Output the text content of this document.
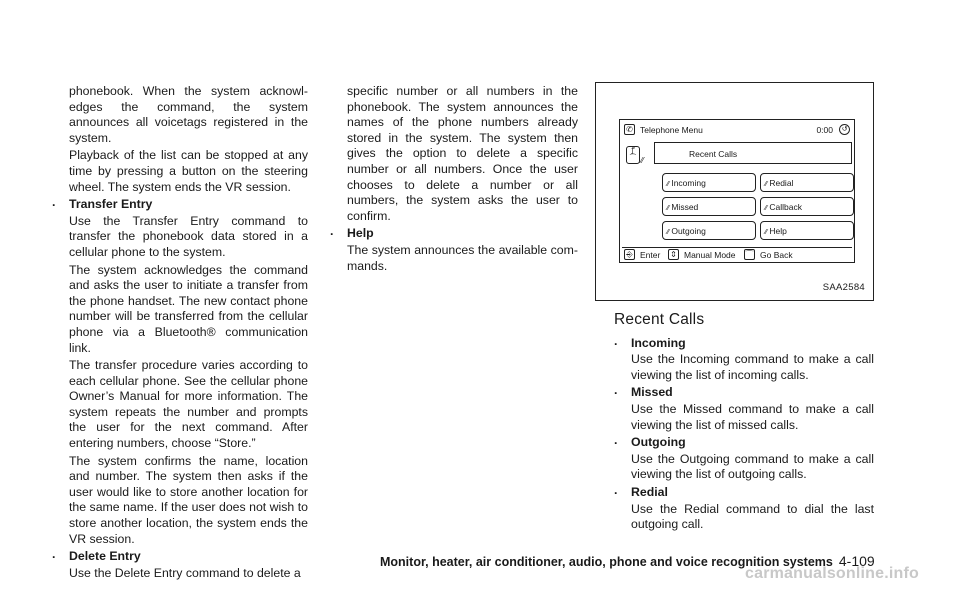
phonebook. When the system acknowl-edges the command, the system announces all voicetags registered in the system.

Playback of the list can be stopped at any time by pressing a button on the steering wheel. The system ends the VR session.

. Transfer Entry

Use the Transfer Entry command to transfer the phonebook data stored in a cellular phone to the system.

The system acknowledges the command and asks the user to initiate a transfer from the phone handset. The new contact phone number will be transferred from the cellular phone via a Bluetooth® communication link.

The transfer procedure varies according to each cellular phone. See the cellular phone Owner’s Manual for more information. The system repeats the number and prompts the user for the next command. After entering numbers, choose “Store.”

The system confirms the name, location and number. The system then asks if the user would like to store another location for the same name. If the user does not wish to store another location, the system ends the VR session.

. Delete Entry

Use the Delete Entry command to delete a

specific number or all numbers in the phonebook. The system announces the names of the phone numbers already stored in the system. The system then gives the option to delete a specific number or all numbers. Once the user chooses to delete a number or all numbers, the system asks the user to confirm.

. Help

The system announces the available com-mands.

✆ Telephone Menu	0:00	↺
ꝭ
⁀ ⁄⁄
Recent Calls
⁄⁄ Incoming	⁄⁄ Redial
⁄⁄ Missed	⁄⁄ Callback
⁄⁄ Outgoing	⁄⁄ Help
⎆ Enter ⇕ Manual Mode ⌒ Go Back
SAA2584
Recent Calls
. Incoming

Use the Incoming command to make a call viewing the list of incoming calls.

. Missed

Use the Missed command to make a call viewing the list of missed calls.

. Outgoing

Use the Outgoing command to make a call viewing the list of outgoing calls.

. Redial

Use the Redial command to dial the last outgoing call.

Monitor, heater, air conditioner, audio, phone and voice recognition systems 4-109
carmanualsonline.info
